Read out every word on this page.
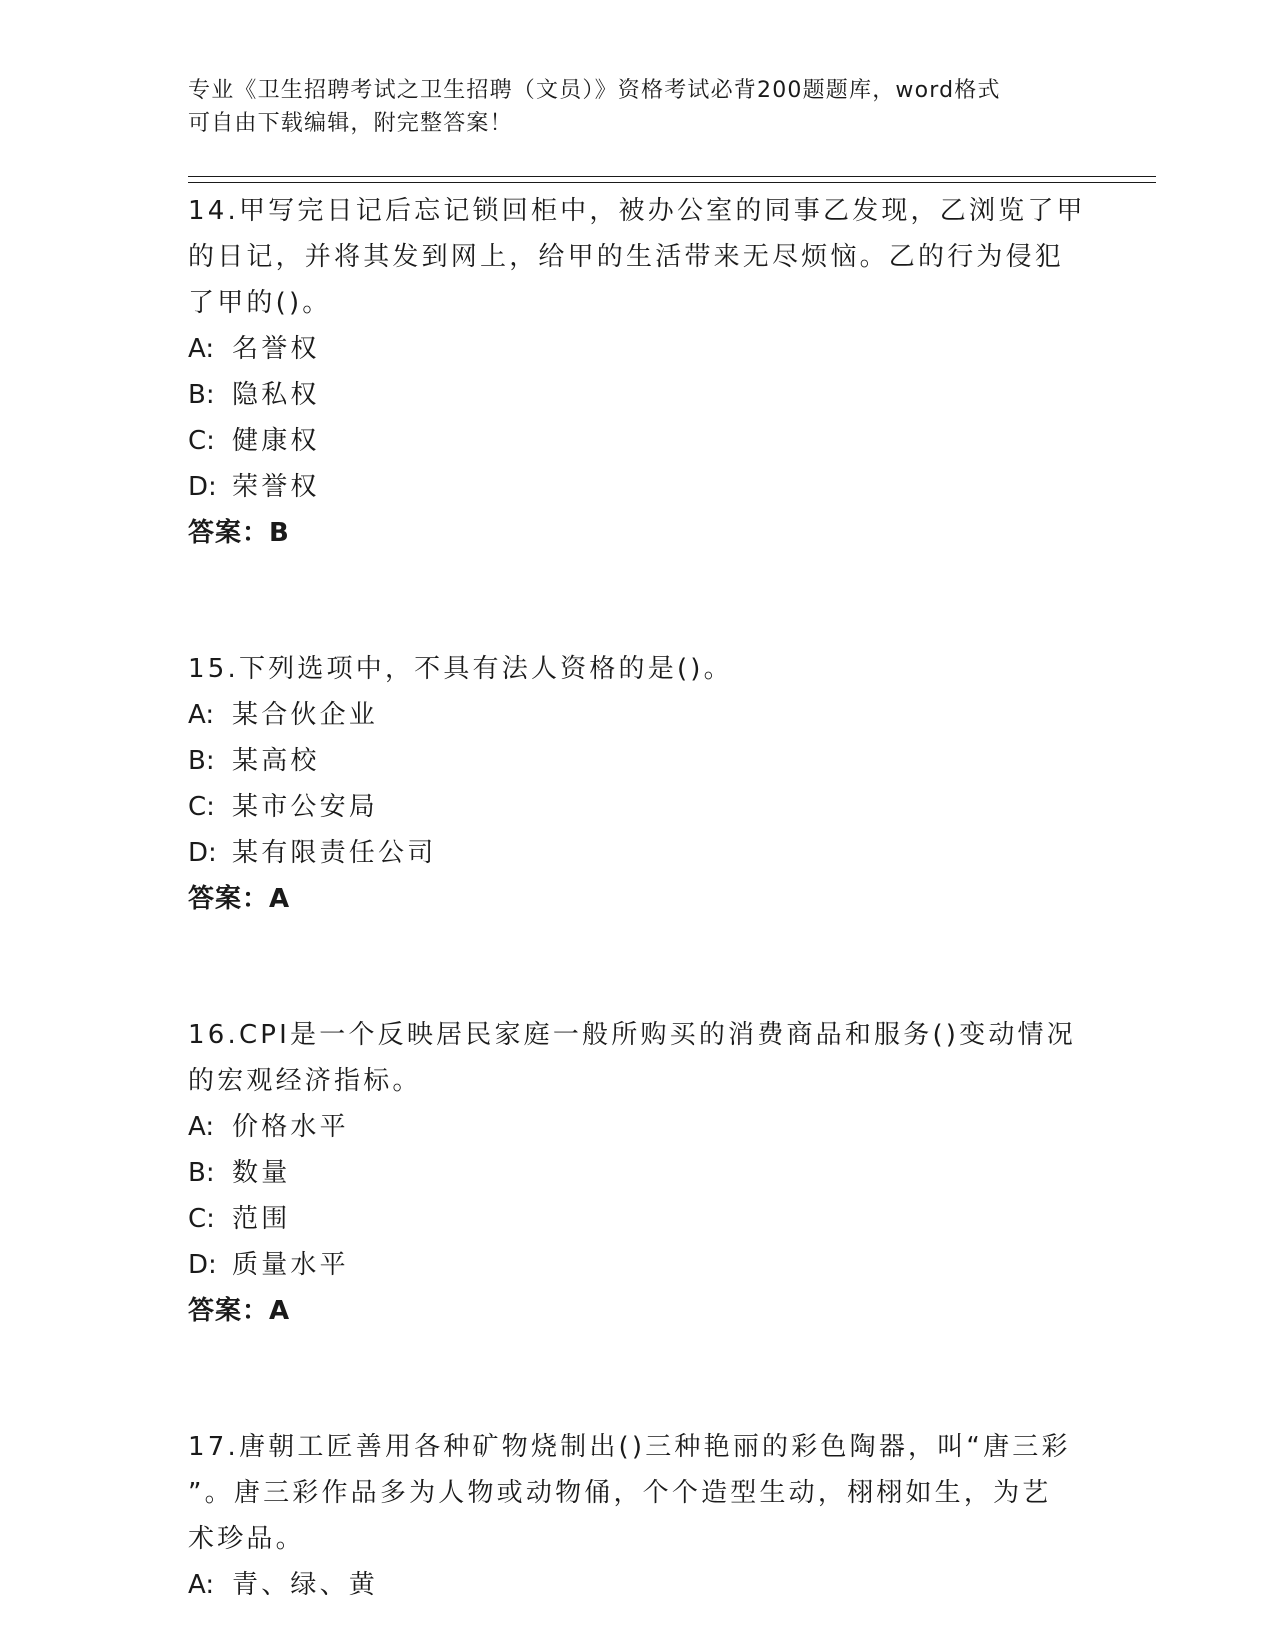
专业《卫生招聘考试之卫生招聘（文员）》资格考试必背200题题库，word格式
可自由下载编辑，附完整答案！
14.甲写完日记后忘记锁回柜中，被办公室的同事乙发现，乙浏览了甲
的日记，并将其发到网上，给甲的生活带来无尽烦恼。乙的行为侵犯
了甲的()。
A: 名誉权
B: 隐私权
C: 健康权
D: 荣誉权
答案：B
15.下列选项中，不具有法人资格的是()。
A: 某合伙企业
B: 某高校
C: 某市公安局
D: 某有限责任公司
答案：A
16.CPI是一个反映居民家庭一般所购买的消费商品和服务()变动情况
的宏观经济指标。
A: 价格水平
B: 数量
C: 范围
D: 质量水平
答案：A
17.唐朝工匠善用各种矿物烧制出()三种艳丽的彩色陶器，叫“唐三彩
”。唐三彩作品多为人物或动物俑，个个造型生动，栩栩如生，为艺
术珍品。
A: 青、绿、黄
